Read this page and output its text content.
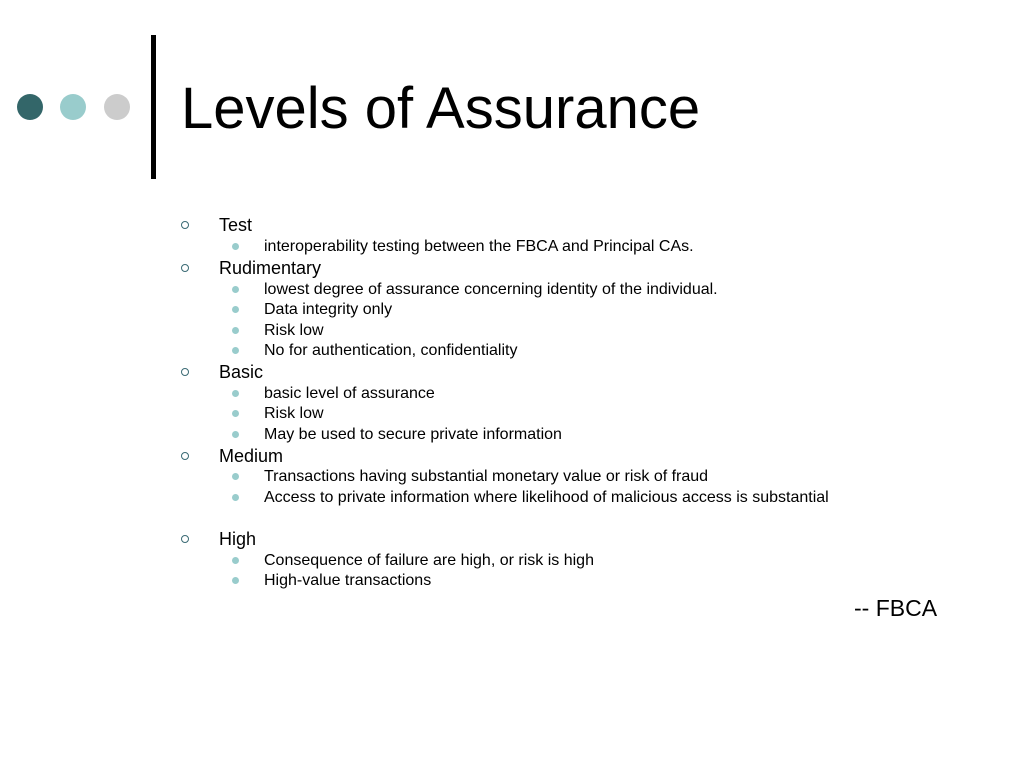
Levels of Assurance
Test
interoperability testing between the FBCA and Principal CAs.
Rudimentary
lowest degree of assurance concerning identity of the individual.
Data integrity only
Risk low
No for authentication, confidentiality
Basic
basic level of assurance
Risk low
May be used to secure private information
Medium
Transactions having substantial monetary value or risk of fraud
Access to private information where likelihood of malicious access is substantial
High
Consequence of failure are high, or risk is high
High-value transactions
-- FBCA
